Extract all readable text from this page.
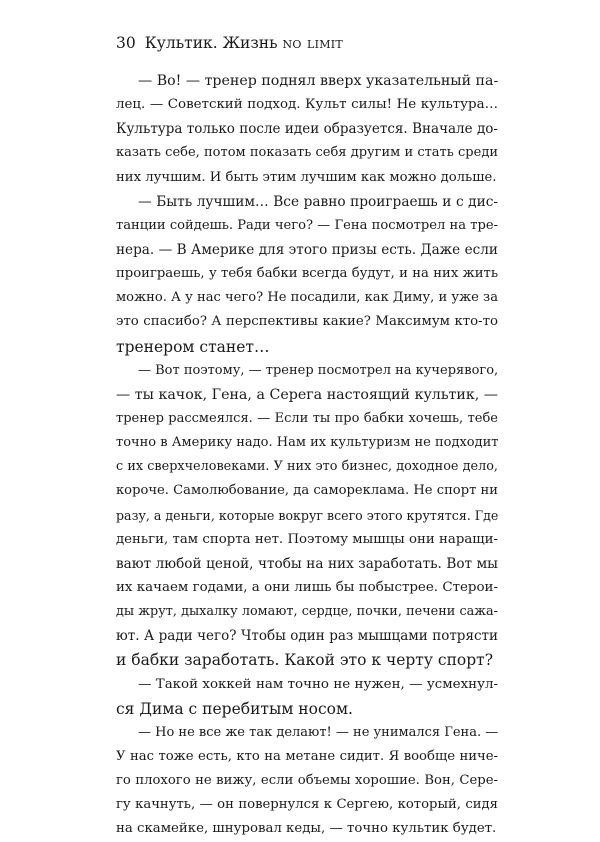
30 Культик. Жизнь no limit
— Во! — тренер поднял вверх указательный па-
лец. — Советский подход. Культ силы! Не культура…
Культура только после идеи образуется. Вначале до-
казать себе, потом показать себя другим и стать среди
них лучшим. И быть этим лучшим как можно дольше.
— Быть лучшим… Все равно проиграешь и с дис-
танции сойдешь. Ради чего? — Гена посмотрел на тре-
нера. — В Америке для этого призы есть. Даже если
проиграешь, у тебя бабки всегда будут, и на них жить
можно. А у нас чего? Не посадили, как Диму, и уже за
это спасибо? А перспективы какие? Максимум кто-то
тренером станет…
— Вот поэтому, — тренер посмотрел на кучерявого,
— ты качок, Гена, а Серега настоящий культик, —
тренер рассмеялся. — Если ты про бабки хочешь, тебе
точно в Америку надо. Нам их культуризм не подходит
с их сверхчеловеками. У них это бизнес, доходное дело,
короче. Самолюбование, да самореклама. Не спорт ни
разу, а деньги, которые вокруг всего этого крутятся. Где
деньги, там спорта нет. Поэтому мышцы они наращи-
вают любой ценой, чтобы на них заработать. Вот мы
их качаем годами, а они лишь бы побыстрее. Стерои-
ды жрут, дыхалку ломают, сердце, почки, печени сажа-
ют. А ради чего? Чтобы один раз мышцами потрясти
и бабки заработать. Какой это к черту спорт?
— Такой хоккей нам точно не нужен, — усмехнул-
ся Дима с перебитым носом.
— Но не все же так делают! — не унимался Гена. —
У нас тоже есть, кто на метане сидит. Я вообще ниче-
го плохого не вижу, если объемы хорошие. Вон, Сере-
гу качнуть, — он повернулся к Сергею, который, сидя
на скамейке, шнуровал кеды, — точно культик будет.
